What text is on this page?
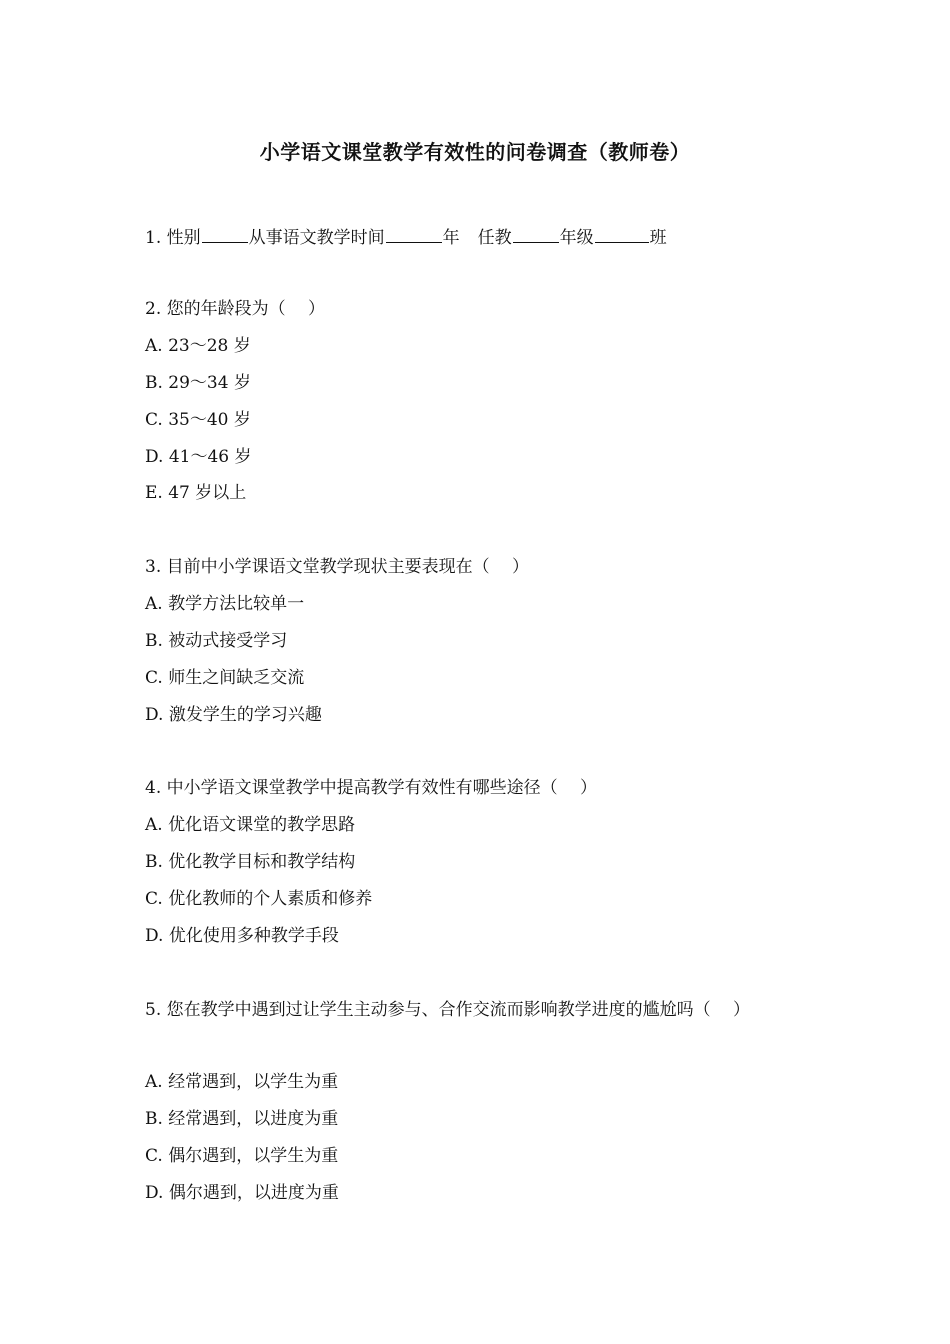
小学语文课堂教学有效性的问卷调查（教师卷）
1. 性别	从事语文教学时间	年 任教	年级	班
2. 您的年龄段为（　 ）
A. 23～28 岁
B. 29～34 岁
C. 35～40 岁
D. 41～46 岁
E. 47 岁以上
3. 目前中小学课语文堂教学现状主要表现在（　 ）
A. 教学方法比较单一
B. 被动式接受学习
C. 师生之间缺乏交流
D. 激发学生的学习兴趣
4. 中小学语文课堂教学中提高教学有效性有哪些途径（　 ）
A. 优化语文课堂的教学思路
B. 优化教学目标和教学结构
C. 优化教师的个人素质和修养
D. 优化使用多种教学手段
5. 您在教学中遇到过让学生主动参与、合作交流而影响教学进度的尴尬吗（　 ）
A. 经常遇到，以学生为重
B. 经常遇到，以进度为重
C. 偶尔遇到，以学生为重
D. 偶尔遇到，以进度为重
